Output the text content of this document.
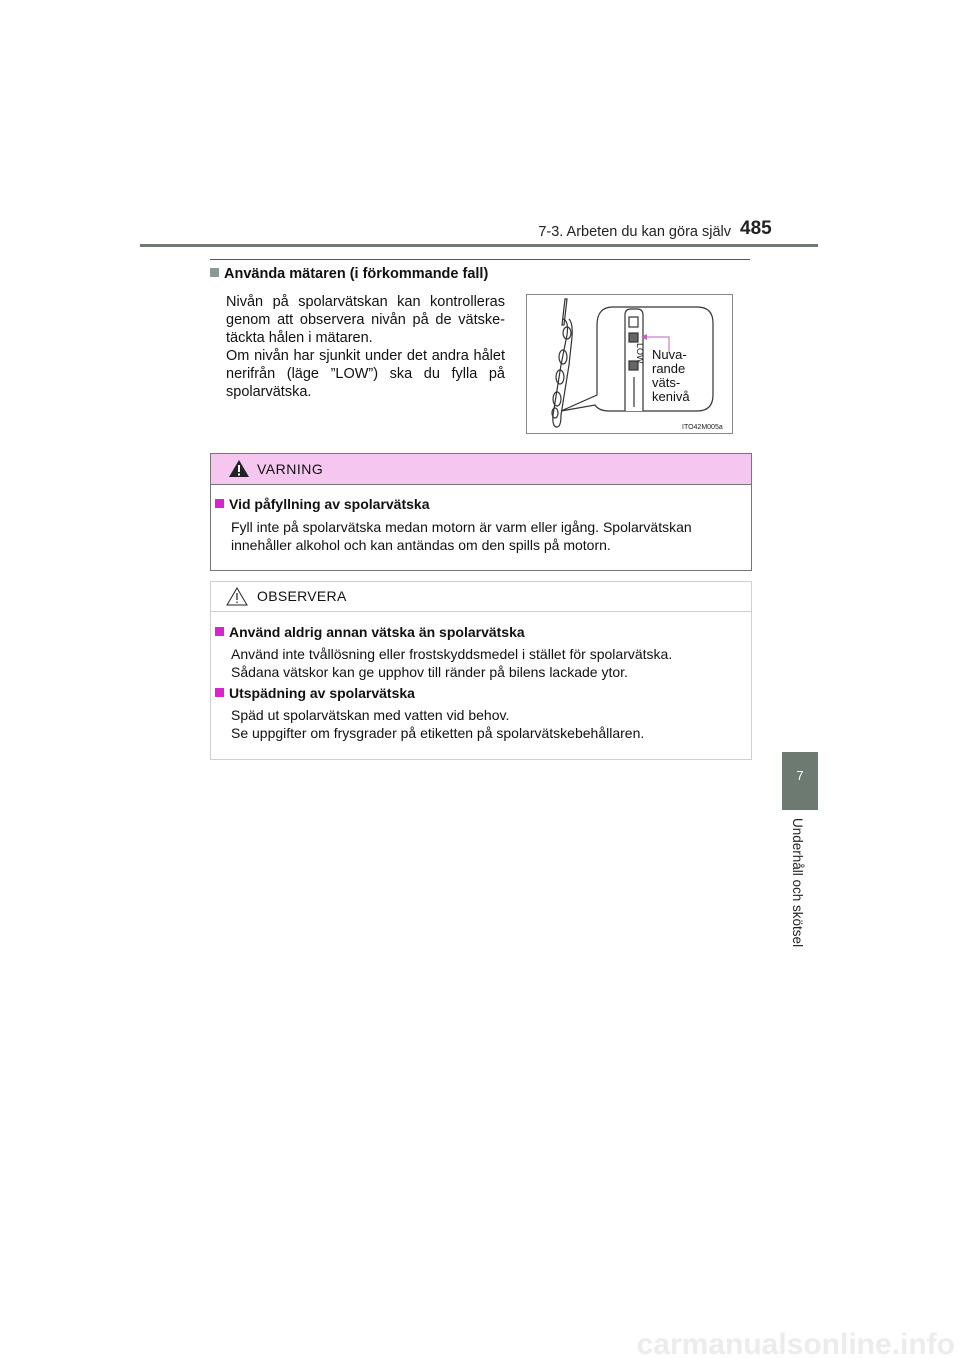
7-3. Arbeten du kan göra själv 485
7
Underhåll och skötsel
Använda mätaren (i förkommande fall)

Nivån på spolarvätskan kan kontrolleras genom att observera nivån på de vätske-täckta hålen i mätaren.

Om nivån har sjunkit under det andra hålet nerifrån (läge ”LOW”) ska du fylla på spolarvätska.

LOW Nuva- rande väts- kenivå
ITO42M005a
VARNING
Vid påfyllning av spolarvätska
Fyll inte på spolarvätska medan motorn är varm eller igång. Spolarvätskan innehåller alkohol och kan antändas om den spills på motorn.
OBSERVERA
Använd aldrig annan vätska än spolarvätska

Använd inte tvållösning eller frostskyddsmedel i stället för spolarvätska.

Sådana vätskor kan ge upphov till ränder på bilens lackade ytor.

Utspädning av spolarvätska

Späd ut spolarvätskan med vatten vid behov.

Se uppgifter om frysgrader på etiketten på spolarvätskebehållaren.

carmanualsonline.info
